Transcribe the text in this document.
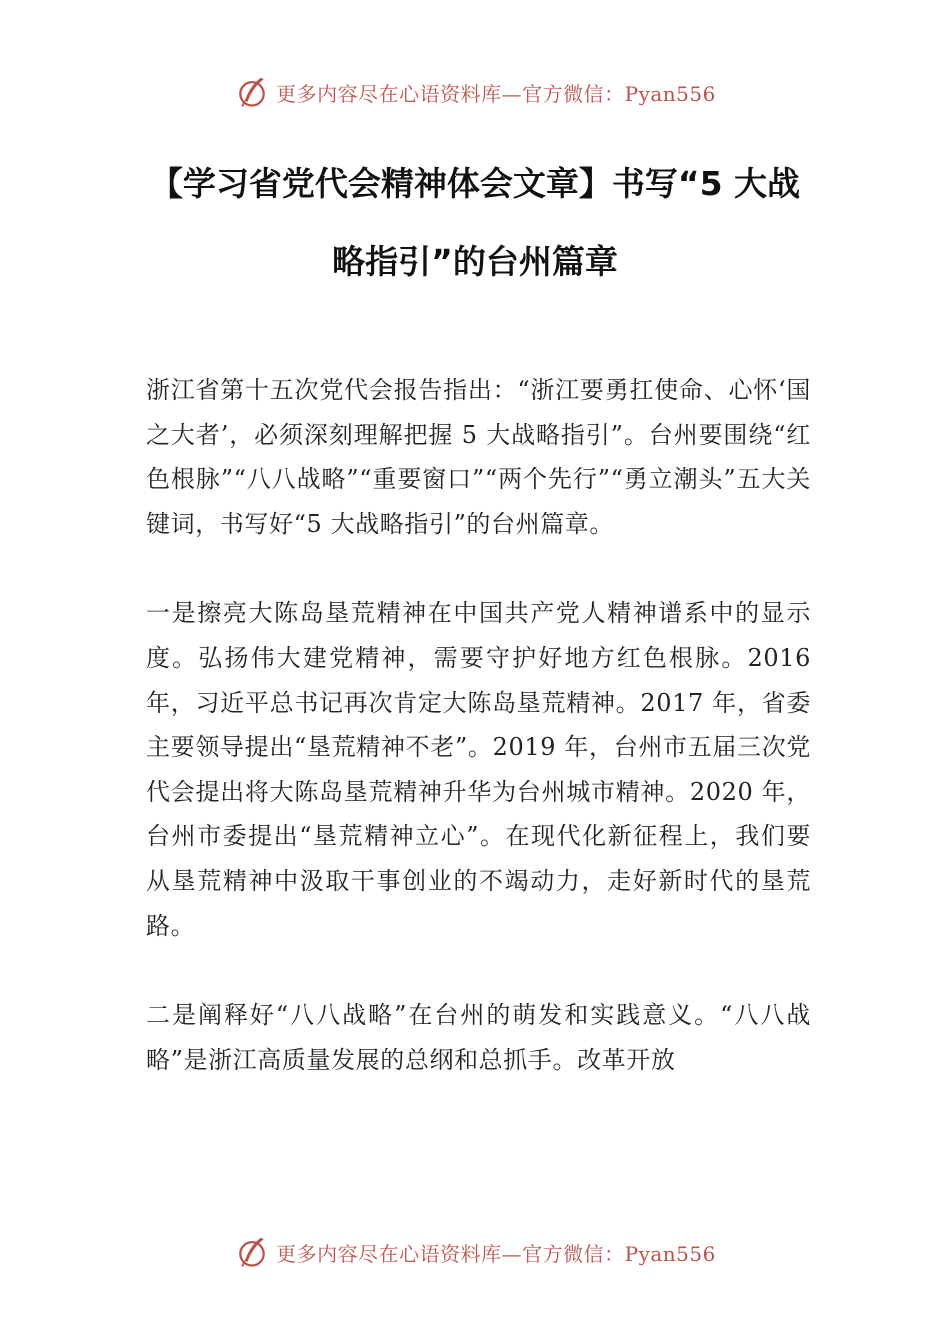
更多内容尽在心语资料库—官方微信：Pyan556
【学习省党代会精神体会文章】书写“5 大战略指引”的台州篇章

浙江省第十五次党代会报告指出：“浙江要勇扛使命、心怀‘国之大者’，必须深刻理解把握 5 大战略指引”。台州要围绕“红色根脉”“八八战略”“重要窗口”“两个先行”“勇立潮头”五大关键词，书写好“5 大战略指引”的台州篇章。

一是擦亮大陈岛垦荒精神在中国共产党人精神谱系中的显示度。弘扬伟大建党精神，需要守护好地方红色根脉。2016 年，习近平总书记再次肯定大陈岛垦荒精神。2017 年，省委主要领导提出“垦荒精神不老”。2019 年，台州市五届三次党代会提出将大陈岛垦荒精神升华为台州城市精神。2020 年，台州市委提出“垦荒精神立心”。在现代化新征程上，我们要从垦荒精神中汲取干事创业的不竭动力，走好新时代的垦荒路。

二是阐释好“八八战略”在台州的萌发和实践意义。“八八战略”是浙江高质量发展的总纲和总抓手。改革开放

更多内容尽在心语资料库—官方微信：Pyan556
